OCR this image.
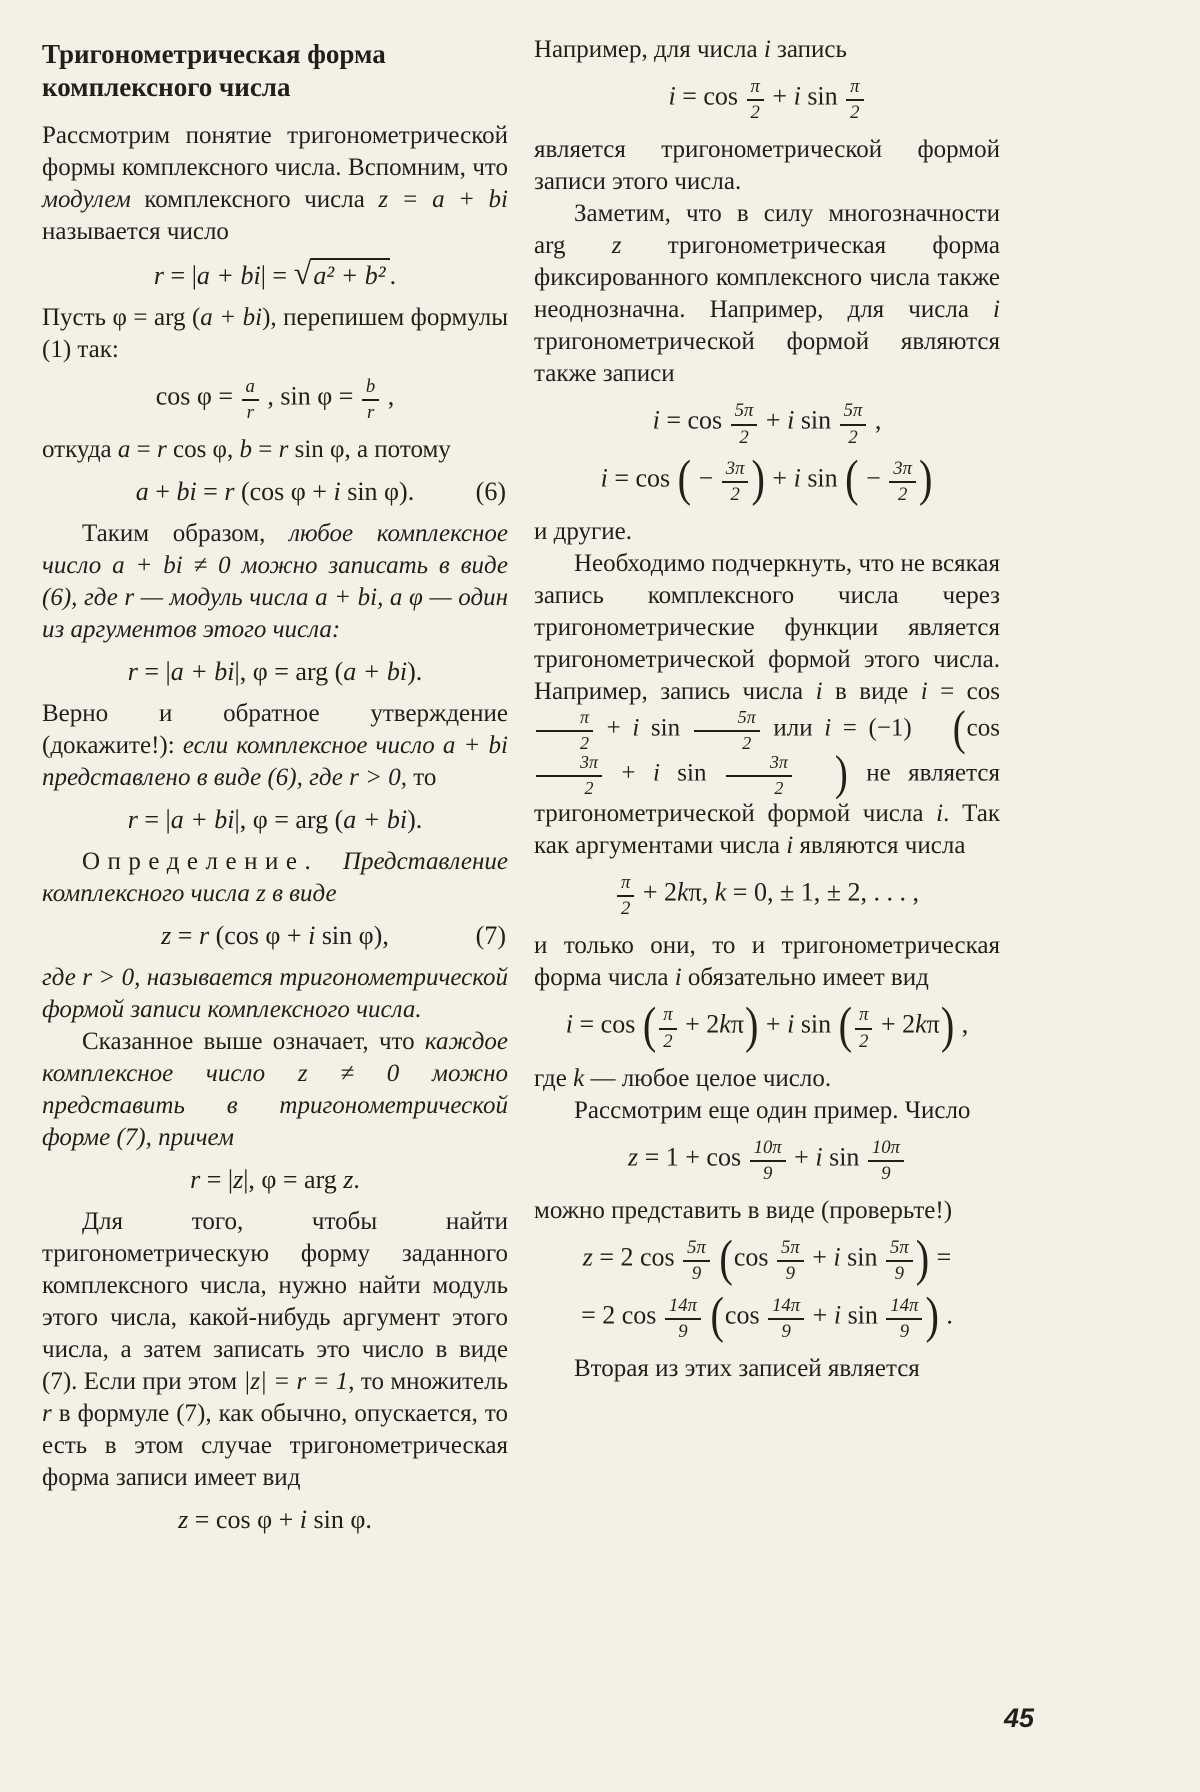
Тригонометрическая форма комплексного числа
Рассмотрим понятие тригонометрической формы комплексного числа. Вспомним, что модулем комплексного числа z = a + bi называется число
r = |a + bi| = √a² + b² .
Пусть φ = arg (a + bi), перепишем формулы (1) так:
$\cos \varphi = \frac{a}{r}$ , $\sin \varphi = \frac{b}{r}$ ,
откуда a = r cos φ, b = r sin φ, а потому
a + bi = r (cos φ + i sin φ). (6)
Таким образом, любое комплексное число a + bi ≠ 0 можно записать в виде (6), где r — модуль числа a + bi, а φ — один из аргументов этого числа:
r = |a + bi|, φ = arg (a + bi).
Верно и обратное утверждение (докажите!): если комплексное число a + bi представлено в виде (6), где r > 0, то
r = |a + bi|, φ = arg (a + bi).
Определение. Представление комплексного числа z в виде
z = r (cos φ + i sin φ),	(7)
где r > 0, называется тригонометрической формой записи комплексного числа.
Сказанное выше означает, что каждое комплексное число z ≠ 0 можно представить в тригонометрической форме (7), причем
r = |z|, φ = arg z.
Для того, чтобы найти тригонометрическую форму заданного комплексного числа, нужно найти модуль этого числа, какой-нибудь аргумент этого числа, а затем записать это число в виде (7). Если при этом |z| = r = 1, то множитель r в формуле (7), как обычно, опускается, то есть в этом случае тригонометрическая форма записи имеет вид
z = cos φ + i sin φ.
Например, для числа i запись
$i = \cos \frac{\pi}{2} + i$ $\sin \frac{\pi}{2}$
является тригонометрической формой записи этого числа.
Заметим, что в силу многозначности arg z тригонометрическая форма фиксированного комплексного числа также неоднозначна. Например, для числа i тригонометрической формой являются также записи
$i = \cos \frac{5\pi}{2} + i$ $\sin \frac{5\pi}{2}$ ,
i = cos ( − $\frac{3\pi}{2}$ ) + i sin ( − $\frac{3\pi}{2}$ )
и другие.
Необходимо подчеркнуть, что не всякая запись комплексного числа через тригонометрические функции является тригонометрической формой этого числа. Например, запись числа i в виде i = cos
$\frac{\pi}{2} + i$ $\sin \frac{5\pi}{2}$ или i = (−1) (cos
$\frac{3\pi}{2} + i$ $\sin \frac{3\pi}{2}$ ) не является тригонометрической формой числа i. Так как аргументами числа i являются числа
$\frac{\pi}{2} + 2k\pi$, k = 0, ± 1, ± 2, . . . ,
и только они, то и тригонометрическая форма числа i обязательно имеет вид
i = cos ( $\frac{\pi}{2} + 2k\pi) + i$ sin ( $\frac{\pi}{2} + 2k\pi$) ,
где k — любое целое число.
Рассмотрим еще один пример. Число
$z = 1 + \cos \frac{10\pi}{9} + i$ $\sin \frac{10\pi}{9}$
можно представить в виде (проверьте!)
z = 2 $\cos \frac{5\pi}{9} (\cos \frac{5\pi}{9} + i$ $\sin \frac{5\pi}{9}$ ) =
= 2 $\cos \frac{14\pi}{9} (\cos \frac{14\pi}{9} + i$ $\sin \frac{14\pi}{9}$ ) .
Вторая из этих записей является
45
